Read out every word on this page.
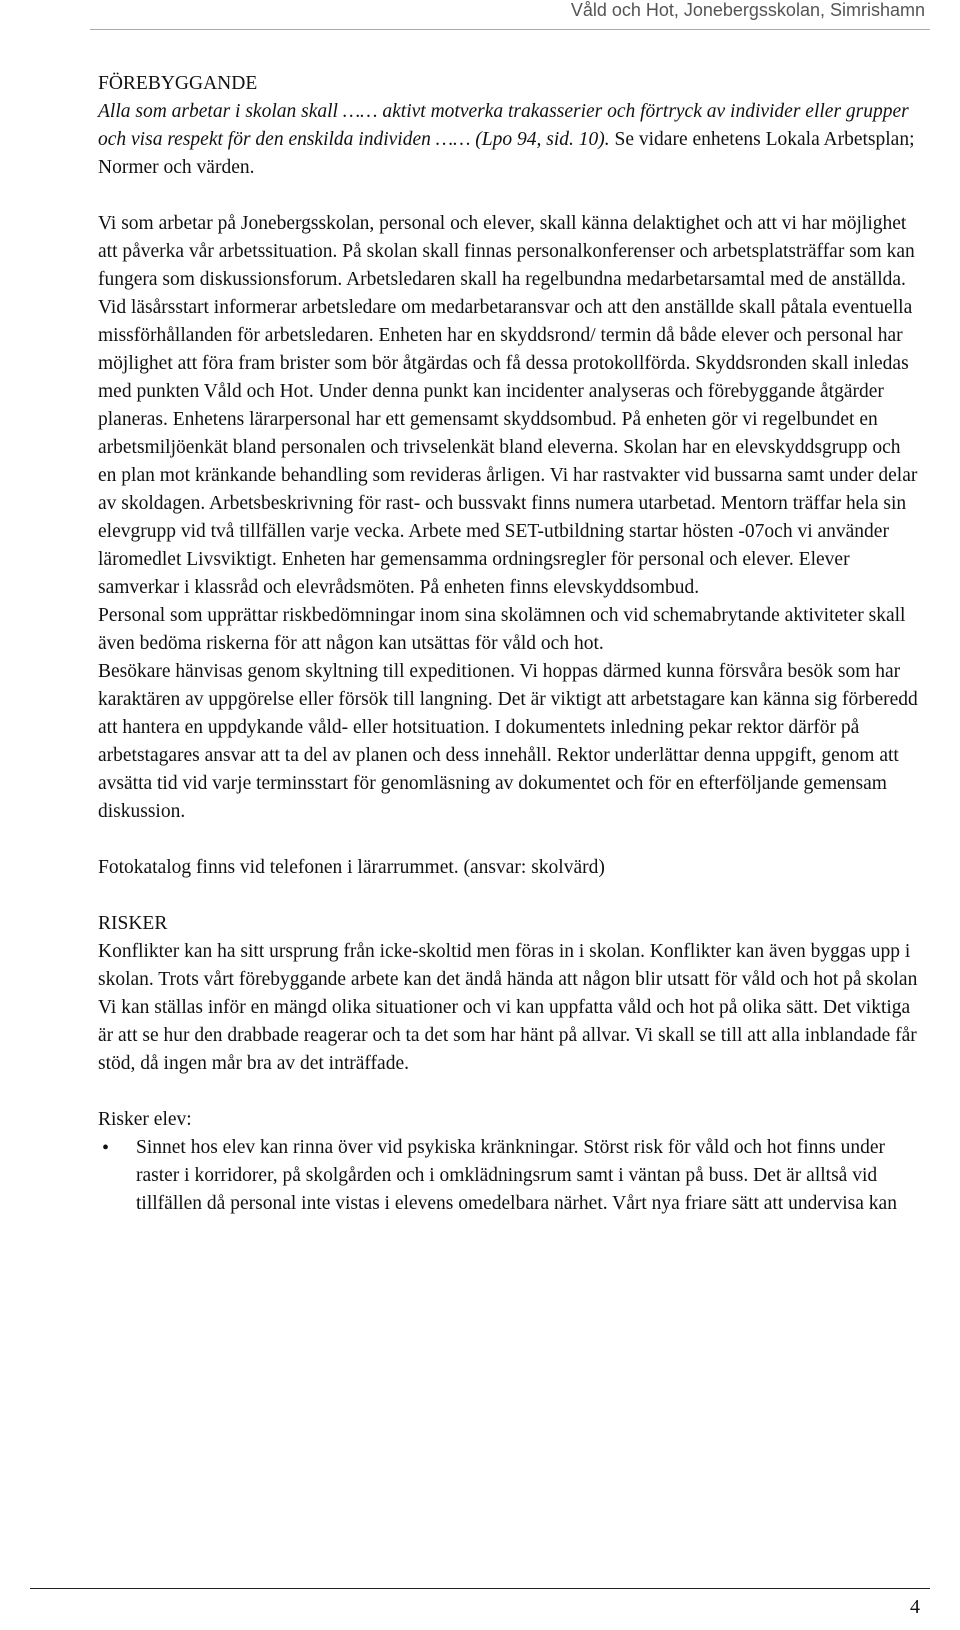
Våld och Hot, Jonebergsskolan, Simrishamn
FÖREBYGGANDE

Alla som arbetar i skolan skall …… aktivt motverka trakasserier och förtryck av individer eller grupper och visa respekt för den enskilda individen …… (Lpo 94, sid. 10). Se vidare enhetens Lokala Arbetsplan; Normer och värden.

Vi som arbetar på Jonebergsskolan, personal och elever, skall känna delaktighet och att vi har möjlighet att påverka vår arbetssituation. På skolan skall finnas personalkonferenser och arbetsplatsträffar som kan fungera som diskussionsforum. Arbetsledaren skall ha regelbundna medarbetarsamtal med de anställda. Vid läsårsstart informerar arbetsledare om medarbetaransvar och att den anställde skall påtala eventuella missförhållanden för arbetsledaren. Enheten har en skyddsrond/ termin då både elever och personal har möjlighet att föra fram brister som bör åtgärdas och få dessa protokollförda. Skyddsronden skall inledas med punkten Våld och Hot. Under denna punkt kan incidenter analyseras och förebyggande åtgärder planeras. Enhetens lärarpersonal har ett gemensamt skyddsombud. På enheten gör vi regelbundet en arbetsmiljöenkät bland personalen och trivselenkät bland eleverna. Skolan har en elevskyddsgrupp och en plan mot kränkande behandling som revideras årligen. Vi har rastvakter vid bussarna samt under delar av skoldagen. Arbetsbeskrivning för rast- och bussvakt finns numera utarbetad. Mentorn träffar hela sin elevgrupp vid två tillfällen varje vecka. Arbete med SET-utbildning startar hösten -07och vi använder läromedlet Livsviktigt. Enheten har gemensamma ordningsregler för personal och elever. Elever samverkar i klassråd och elevrådsmöten. På enheten finns elevskyddsombud.

Personal som upprättar riskbedömningar inom sina skolämnen och vid schemabrytande aktiviteter skall även bedöma riskerna för att någon kan utsättas för våld och hot.

Besökare hänvisas genom skyltning till expeditionen. Vi hoppas därmed kunna försvåra besök som har karaktären av uppgörelse eller försök till langning. Det är viktigt att arbetstagare kan känna sig förberedd att hantera en uppdykande våld- eller hotsituation. I dokumentets inledning pekar rektor därför på arbetstagares ansvar att ta del av planen och dess innehåll. Rektor underlättar denna uppgift, genom att avsätta tid vid varje terminsstart för genomläsning av dokumentet och för en efterföljande gemensam diskussion.

Fotokatalog finns vid telefonen i lärarrummet. (ansvar: skolvärd)

RISKER

Konflikter kan ha sitt ursprung från icke-skoltid men föras in i skolan. Konflikter kan även byggas upp i skolan. Trots vårt förebyggande arbete kan det ändå hända att någon blir utsatt för våld och hot på skolan Vi kan ställas inför en mängd olika situationer och vi kan uppfatta våld och hot på olika sätt. Det viktiga är att se hur den drabbade reagerar och ta det som har hänt på allvar. Vi skall se till att alla inblandade får stöd, då ingen mår bra av det inträffade.

Risker elev:
• Sinnet hos elev kan rinna över vid psykiska kränkningar. Störst risk för våld och hot finns under raster i korridorer, på skolgården och i omklädningsrum samt i väntan på buss. Det är alltså vid tillfällen då personal inte vistas i elevens omedelbara närhet. Vårt nya friare sätt att undervisa kan
4
